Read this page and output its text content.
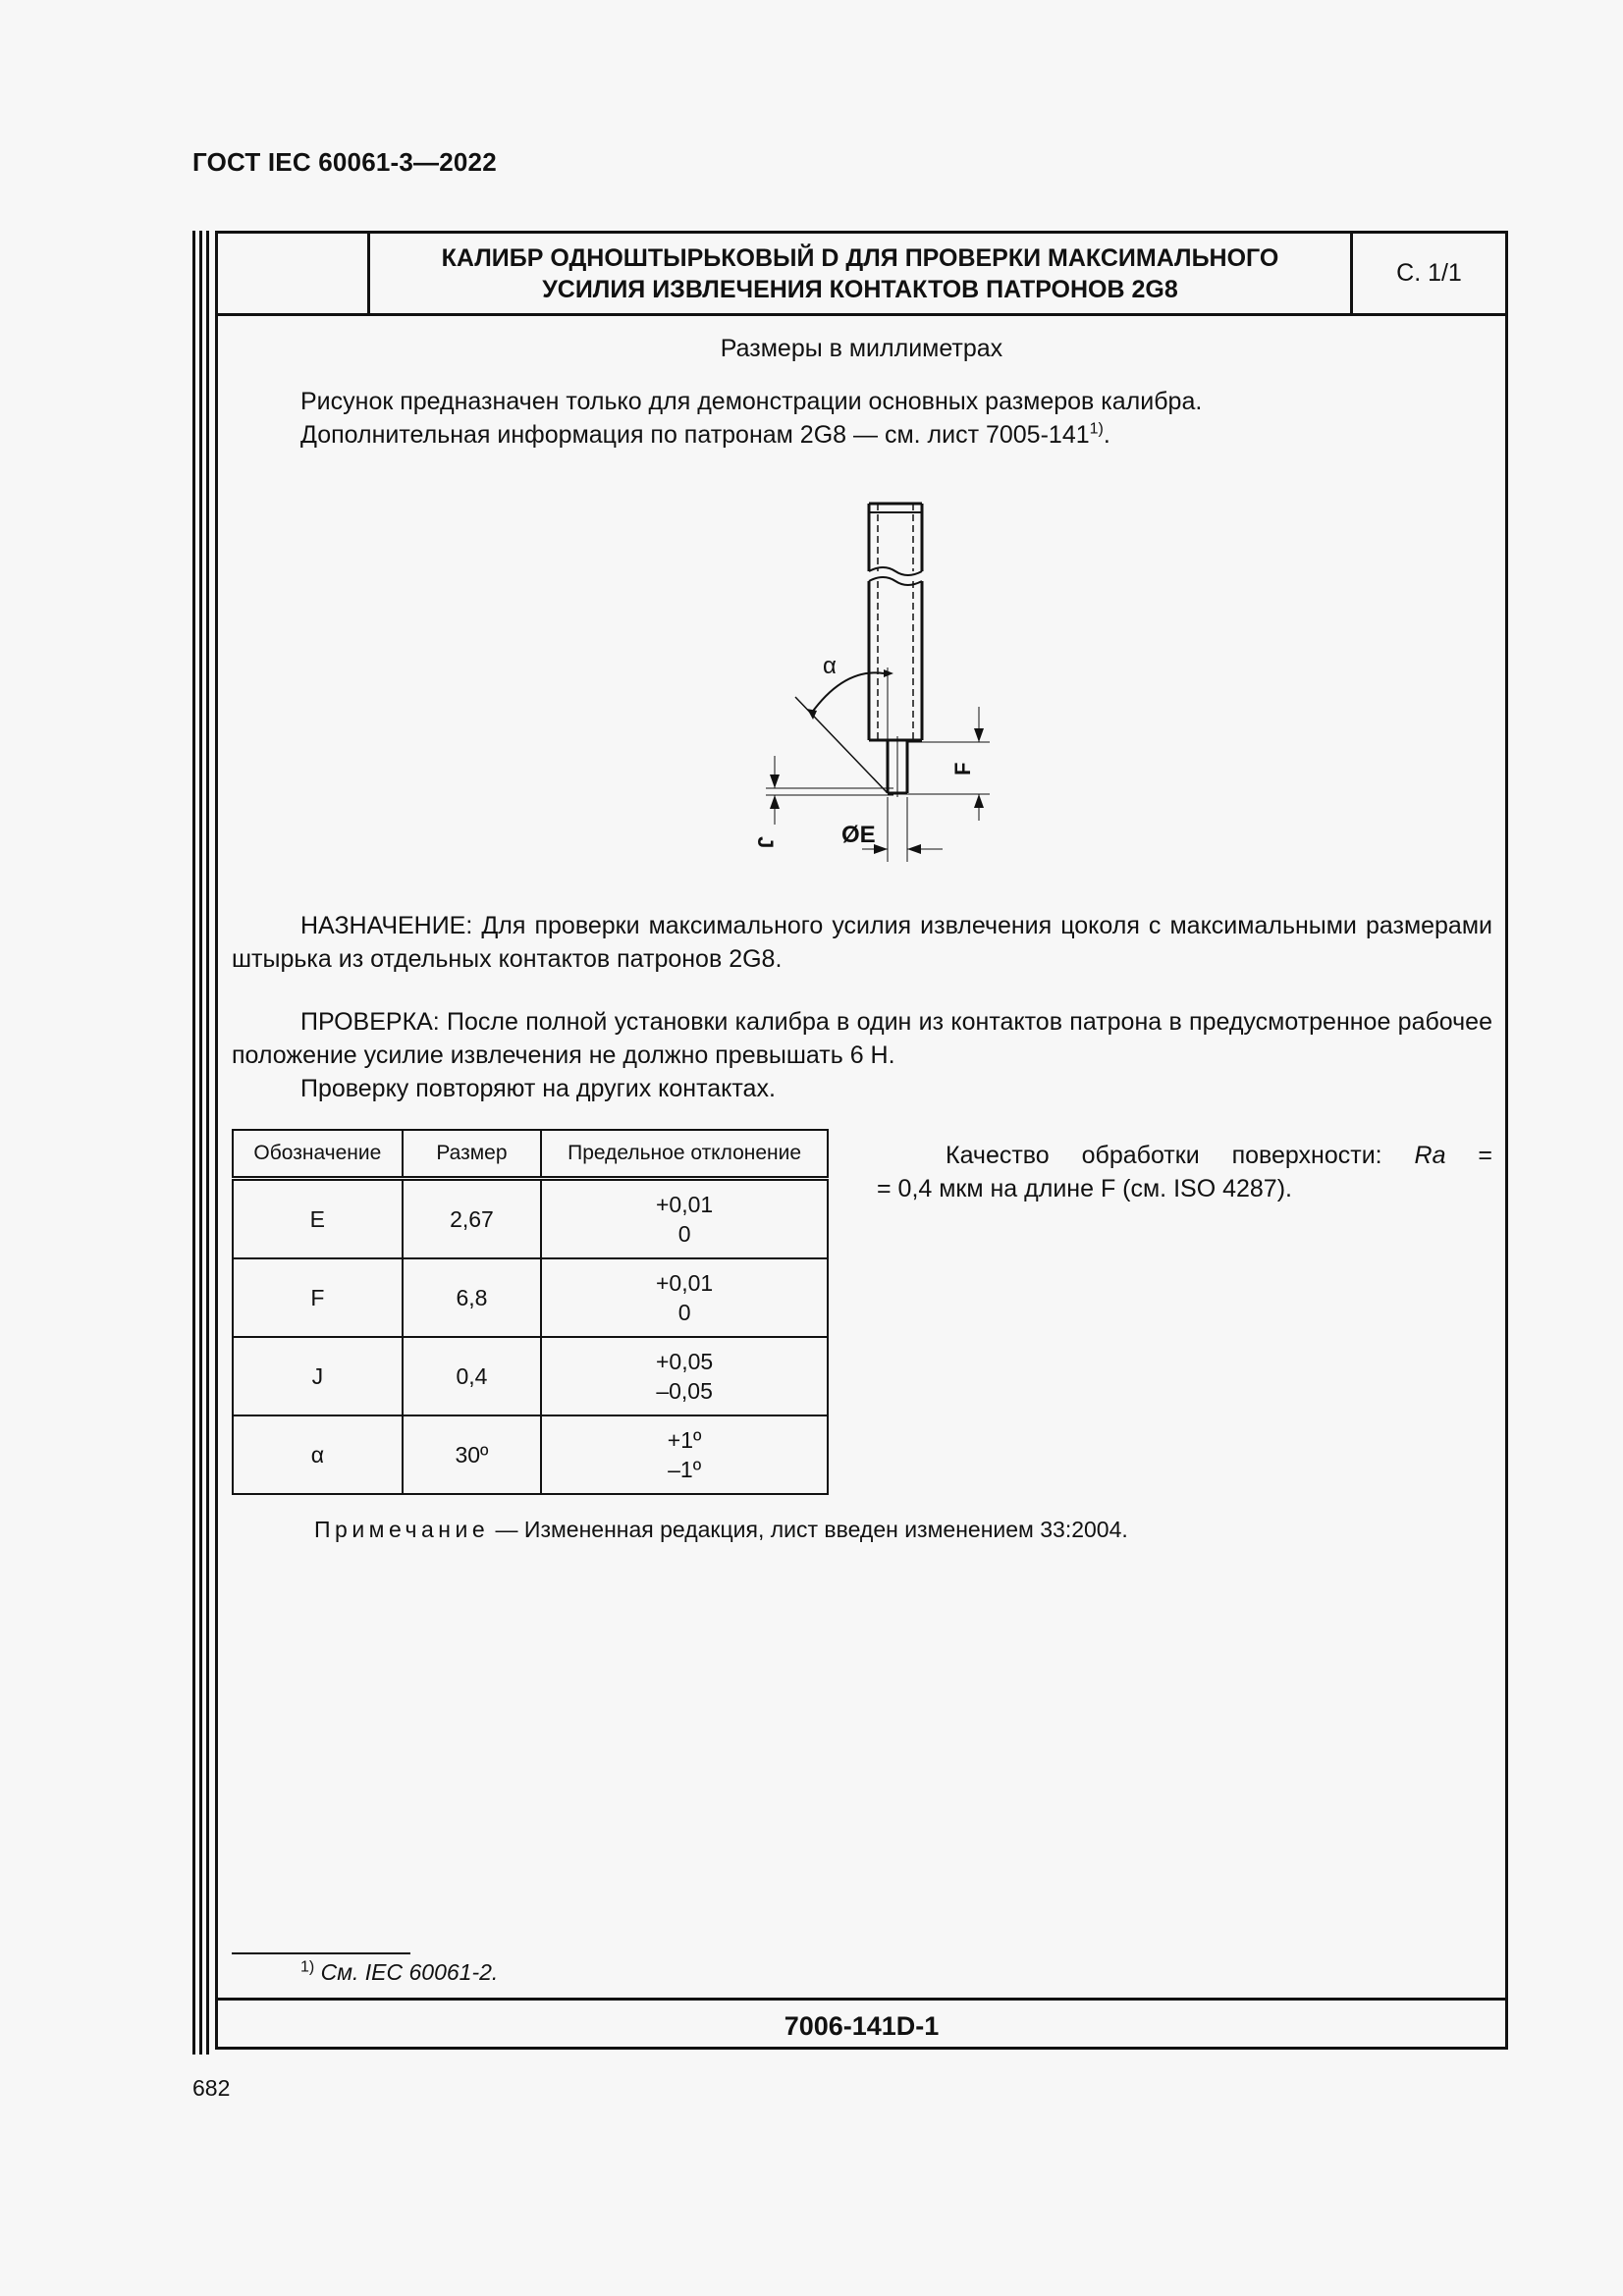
ГОСТ IEC 60061-3—2022
КАЛИБР ОДНОШТЫРЬКОВЫЙ D ДЛЯ ПРОВЕРКИ МАКСИМАЛЬНОГО
УСИЛИЯ ИЗВЛЕЧЕНИЯ КОНТАКТОВ ПАТРОНОВ 2G8
С. 1/1
Размеры в миллиметрах
Рисунок предназначен только для демонстрации основных размеров калибра.
Дополнительная информация по патронам 2G8 — см. лист 7005-141$^{1)}$.
α
F
J	ØE
НАЗНАЧЕНИЕ: Для проверки максимального усилия извлечения цоколя с максимальными размерами штырька из отдельных контактов патронов 2G8.
ПРОВЕРКА: После полной установки калибра в один из контактов патрона в предусмотренное рабочее положение усилие извлечения не должно превышать 6 Н.
Проверку повторяют на других контактах.
Обозначение	Размер	Предельное отклонение
E	2,67	+0,01
0

F	6,8	+0,01
0

J	0,4	+0,05
–0,05

α	30º	+1º
–1º
Качество обработки поверхности: Ra =
= 0,4 мкм на длине F (см. ISO 4287).
Примечание — Измененная редакция, лист введен изменением 33:2004.
$^{1)}$ См. IEC 60061-2.
7006-141D-1
682
